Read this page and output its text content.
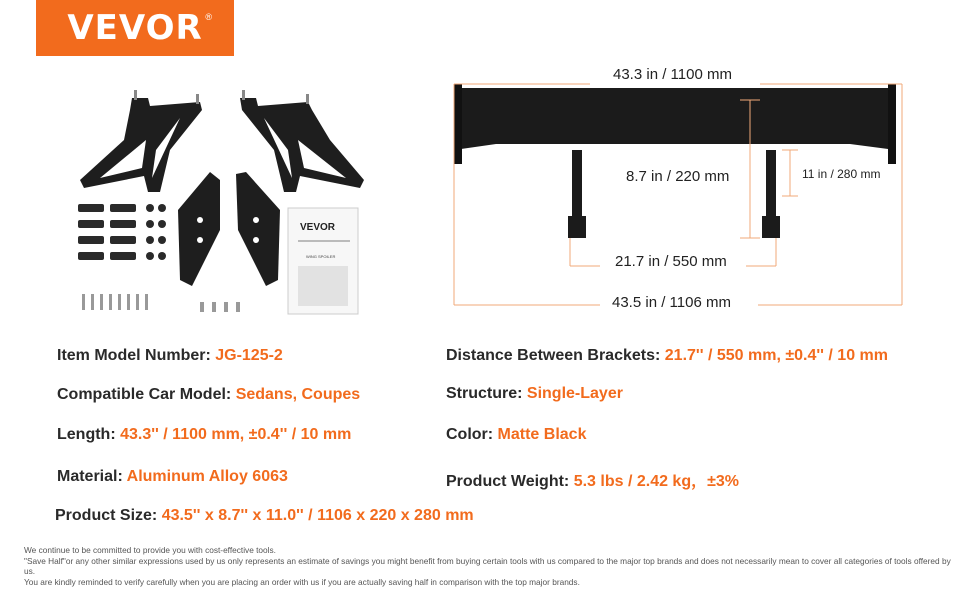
VEVOR ®
VEVOR
WING SPOILER
43.3 in / 1100 mm
8.7 in / 220 mm	11 in / 280 mm
21.7 in / 550 mm
43.5 in / 1106 mm
Item Model Number: JG-125-2
Compatible Car Model: Sedans, Coupes
Length: 43.3'' / 1100 mm, ±0.4'' / 10 mm
Material: Aluminum Alloy 6063
Product Size: 43.5'' x 8.7'' x 11.0'' / 1106 x 220 x 280 mm
Distance Between Brackets: 21.7'' / 550 mm, ±0.4'' / 10 mm
Structure: Single-Layer
Color: Matte Black
Product Weight: 5.3 lbs / 2.42 kg，±3%
We continue to be committed to provide you with cost-effective tools.
"Save Half"or any other similar expressions used by us only represents an estimate of savings you might benefit from buying certain tools with us compared to the major top brands and does not necessarily mean to cover all categories of tools offered by us.
You are kindly reminded to verify carefully when you are placing an order with us if you are actually saving half in comparison with the top major brands.
